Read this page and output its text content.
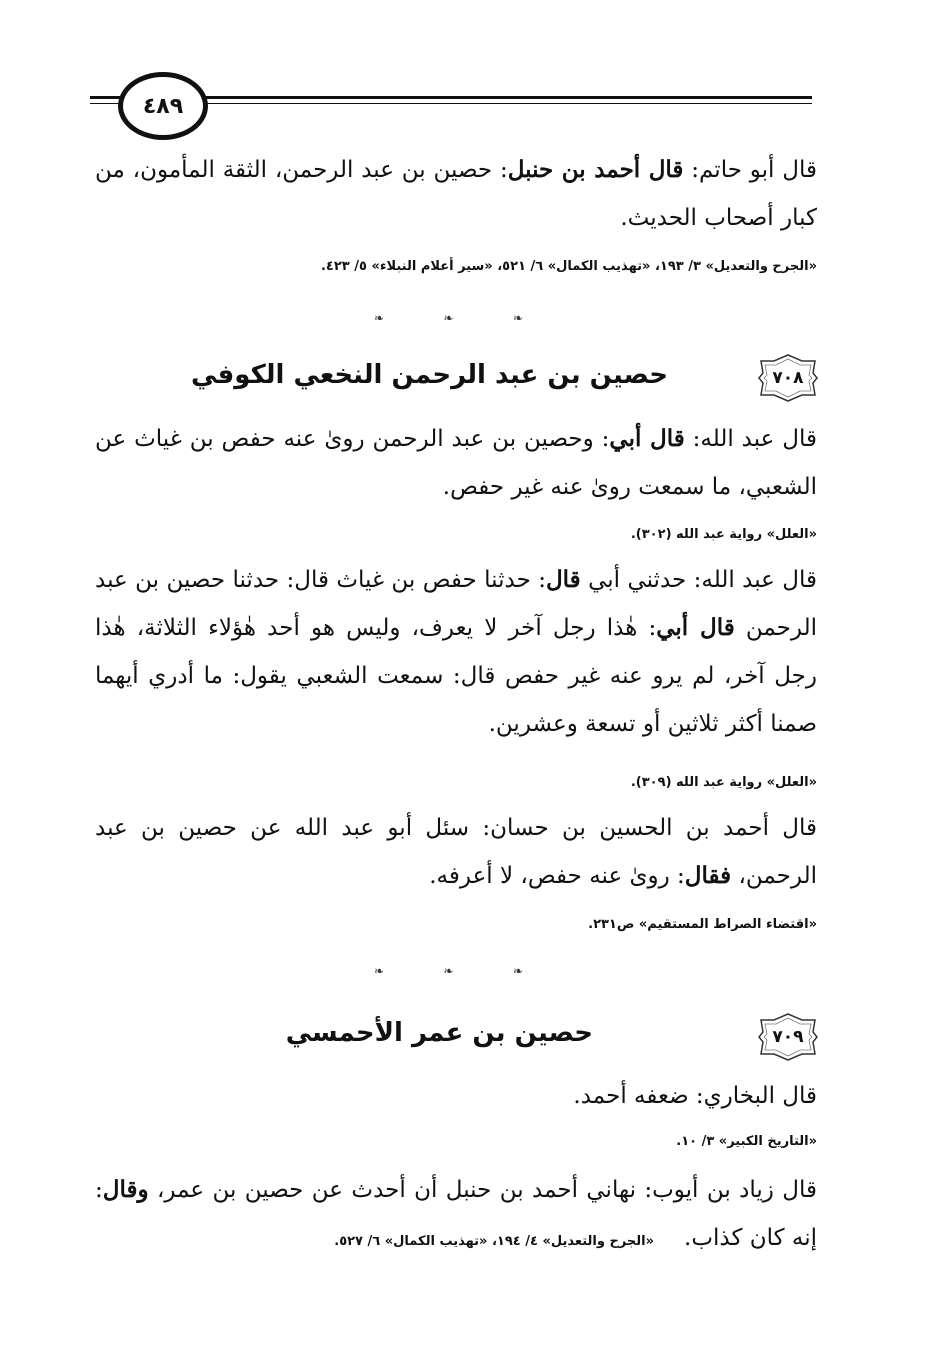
٤٨٩

قال أبو حاتم: قال أحمد بن حنبل: حصين بن عبد الرحمن، الثقة المأمون، من كبار أصحاب الحديث.

«الجرح والتعديل» ٣/ ١٩٣، «تهذيب الكمال» ٦/ ٥٢١، «سير أعلام النبلاء» ٥/ ٤٢٣.
❧	❧	❧
٧٠٨
حصين بن عبد الرحمن النخعي الكوفي

قال عبد الله: قال أبي: وحصين بن عبد الرحمن روىٰ عنه حفص بن غياث عن الشعبي، ما سمعت روىٰ عنه غير حفص.

«العلل» رواية عبد الله (٣٠٢).

قال عبد الله: حدثني أبي قال: حدثنا حفص بن غياث قال: حدثنا حصين بن عبد الرحمن قال أبي: هٰذا رجل آخر لا يعرف، وليس هو أحد هٰؤلاء الثلاثة، هٰذا رجل آخر، لم يرو عنه غير حفص قال: سمعت الشعبي يقول: ما أدري أيهما صمنا أكثر ثلاثين أو تسعة وعشرين.

«العلل» رواية عبد الله (٣٠٩).

قال أحمد بن الحسين بن حسان: سئل أبو عبد الله عن حصين بن عبد الرحمن، فقال: روىٰ عنه حفص، لا أعرفه.

«اقتضاء الصراط المستقيم» ص٢٣١.
❧	❧	❧
٧٠٩
حصين بن عمر الأحمسي

قال البخاري: ضعفه أحمد.

«التاريخ الكبير» ٣/ ١٠.

قال زياد بن أيوب: نهاني أحمد بن حنبل أن أحدث عن حصين بن عمر، وقال: إنه كان كذاب.«الجرح والتعديل» ٤/ ١٩٤، «تهذيب الكمال» ٦/ ٥٢٧.
